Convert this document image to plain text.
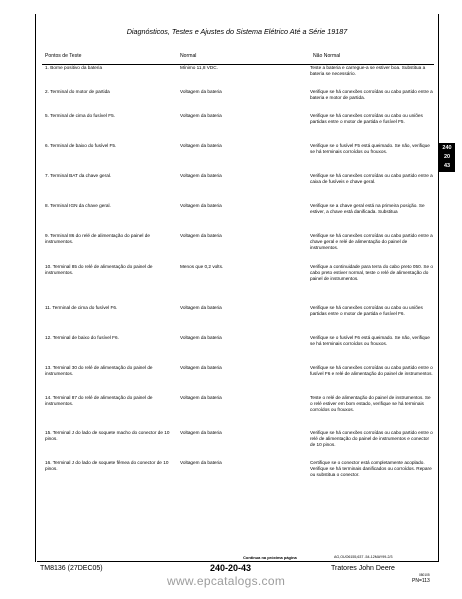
Diagnósticos, Testes e Ajustes do Sistema Elétrico Até a Série 19187
Pontos de Teste	Normal	Não Normal
1. Borne positivo da bateria	Mínimo 11,8 VDC.	Teste a bateria e carregue-a se estiver boa. Substitua a bateria se necessário.
2. Terminal do motor de partida	Voltagem da bateria	Verifique se há conexões corroídas ou cabo partido entre a bateria e motor de partida.
5. Terminal de cima do fusível F5.	Voltagem da bateria	Verifique se há conexões corroídas ou cabo ou uniões partidas entre o motor de partida e fusível F5.
6. Terminal de baixo do fusível F5.	Voltagem da bateria	Verifique se o fusível F5 está queimado. Se não, verifique se há terminais corroídos ou frouxos.
7. Terminal BAT da chave geral.	Voltagem da bateria	Verifique se há conexões corroídas ou cabo partido entre a caixa de fusíveis e chave geral.
8. Terminal IGN da chave geral.	Voltagem da bateria	Verifique se a chave geral está na primeira posição. Se estiver, a chave está danificada. Substitua
9. Terminal 86 do relé de alimentação do painel de instrumentos.	Voltagem da bateria	Verifique se há conexões corroídas ou cabo partido entre a chave geral e relé de alimentação do painel de instrumentos.
10. Terminal 85 do relé de alimentação do painel de instrumentos.	Menos que 0,2 volts.	Verifique a continuidade para terra do cabo preto 050. Se o cabo preto estiver normal, teste o relé de alimentação do painel de instrumentos.
11. Terminal de cima do fusível F6.	Voltagem da bateria	Verifique se há conexões corroídas ou cabo ou uniões partidas entre o motor de partida e fusível F6.
12. Terminal de baixo do fusível F6.	Voltagem da bateria	Verifique se o fusível F6 está queimado. Se não, verifique se há terminais corroídos ou frouxos.
13. Terminal 30 do relé de alimentação do painel de instrumentos.	Voltagem da bateria	Verifique se há conexões corroídas ou cabo partido entre o fusível F6 e relé de alimentação do painel de instrumentos.
14. Terminal 87 do relé de alimentação do painel de instrumentos.	Voltagem da bateria	Teste o relé de alimentação do painel de instrumentos. Se o relé estiver em bom estado, verifique se há terminais corroídos ou frouxos.
15. Terminal J do lado de soquete macho do conector de 10 pinos.	Voltagem da bateria	Verifique se há conexões corroídas ou cabo partido entre o relé de alimentação do painel de instrumentos e conector de 10 pinos.
16. Terminal J do lado de soquete fêmea do conector de 10 pinos.	Voltagem da bateria	Certifique se o conector está completamente acoplado. Verifique se há terminais danificados ou corroídos. Repare ou substitua o conector.
240
20
43
Continua na próxima página	AG,OUO6155,637 -54-12MAY99-2/3
TM8136 (27DEC05)	240-20-43	Tratores John Deere
080105
PN=113
www.epcatalogs.com
